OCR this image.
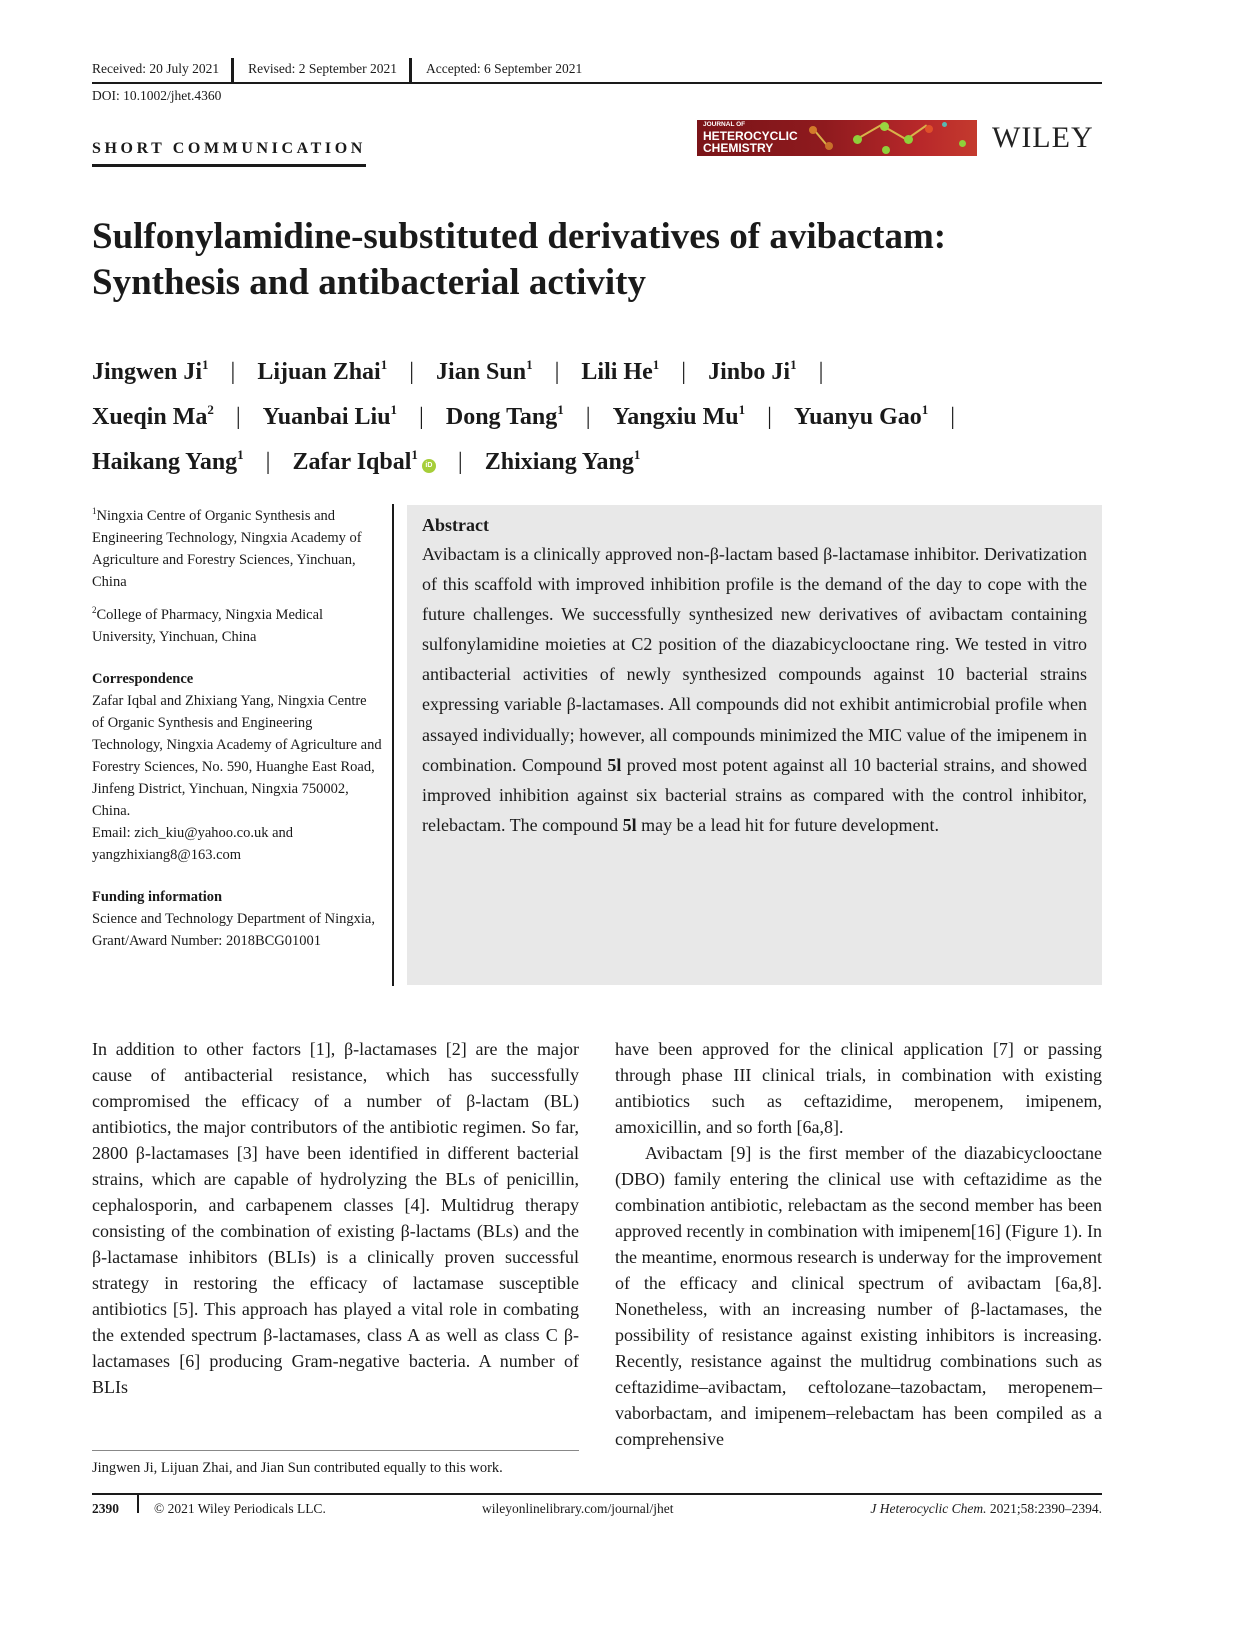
Received: 20 July 2021	Revised: 2 September 2021	Accepted: 6 September 2021
DOI: 10.1002/jhet.4360
SHORT COMMUNICATION
JOURNAL OF
HETEROCYCLIC
CHEMISTRY	WILEY
Sulfonylamidine-substituted derivatives of avibactam:
Synthesis and antibacterial activity
Jingwen Ji$^1$ | Lijuan Zhai$^1$ | Jian Sun$^1$ | Lili He$^1$ | Jinbo Ji$^1$ |
Xueqin Ma$^2$ | Yuanbai Liu$^1$ | Dong Tang$^1$ | Yangxiu Mu$^1$ | Yuanyu Gao$^1$ |
Haikang Yang$^1$ | Zafar Iqbal$^1$iD | Zhixiang Yang$^1$

$^1$Ningxia Centre of Organic Synthesis and Engineering Technology, Ningxia Academy of Agriculture and Forestry Sciences, Yinchuan, China

$^2$College of Pharmacy, Ningxia Medical University, Yinchuan, China

Correspondence

Zafar Iqbal and Zhixiang Yang, Ningxia Centre of Organic Synthesis and Engineering Technology, Ningxia Academy of Agriculture and Forestry Sciences, No. 590, Huanghe East Road, Jinfeng District, Yinchuan, Ningxia 750002, China.
Email: zich_kiu@yahoo.co.uk and
yangzhixiang8@163.com

Funding information

Science and Technology Department of Ningxia, Grant/Award Number: 2018BCG01001

Abstract

Avibactam is a clinically approved non-β-lactam based β-lactamase inhibitor. Derivatization of this scaffold with improved inhibition profile is the demand of the day to cope with the future challenges. We successfully synthesized new derivatives of avibactam containing sulfonylamidine moieties at C2 position of the diazabicyclooctane ring. We tested in vitro antibacterial activities of newly synthesized compounds against 10 bacterial strains expressing variable β-lactamases. All compounds did not exhibit antimicrobial profile when assayed individually; however, all compounds minimized the MIC value of the imipenem in combination. Compound 5l proved most potent against all 10 bacterial strains, and showed improved inhibition against six bacterial strains as compared with the control inhibitor, relebactam. The compound 5l may be a lead hit for future development.

In addition to other factors [1], β-lactamases [2] are the major cause of antibacterial resistance, which has successfully compromised the efficacy of a number of β-lactam (BL) antibiotics, the major contributors of the antibiotic regimen. So far, 2800 β-lactamases [3] have been identified in different bacterial strains, which are capable of hydrolyzing the BLs of penicillin, cephalosporin, and carbapenem classes [4]. Multidrug therapy consisting of the combination of existing β-lactams (BLs) and the β-lactamase inhibitors (BLIs) is a clinically proven successful strategy in restoring the efficacy of lactamase susceptible antibiotics [5]. This approach has played a vital role in combating the extended spectrum β-lactamases, class A as well as class C β-lactamases [6] producing Gram-negative bacteria. A number of BLIs

have been approved for the clinical application [7] or passing through phase III clinical trials, in combination with existing antibiotics such as ceftazidime, meropenem, imipenem, amoxicillin, and so forth [6a,8].

Avibactam [9] is the first member of the diazabicyclooctane (DBO) family entering the clinical use with ceftazidime as the combination antibiotic, relebactam as the second member has been approved recently in combination with imipenem[16] (Figure 1). In the meantime, enormous research is underway for the improvement of the efficacy and clinical spectrum of avibactam [6a,8]. Nonetheless, with an increasing number of β-lactamases, the possibility of resistance against existing inhibitors is increasing. Recently, resistance against the multidrug combinations such as ceftazidime–avibactam, ceftolozane–tazobactam, meropenem–vaborbactam, and imipenem–relebactam has been compiled as a comprehensive

Jingwen Ji, Lijuan Zhai, and Jian Sun contributed equally to this work.
2390	© 2021 Wiley Periodicals LLC.	wileyonlinelibrary.com/journal/jhet	J Heterocyclic Chem. 2021;58:2390–2394.
